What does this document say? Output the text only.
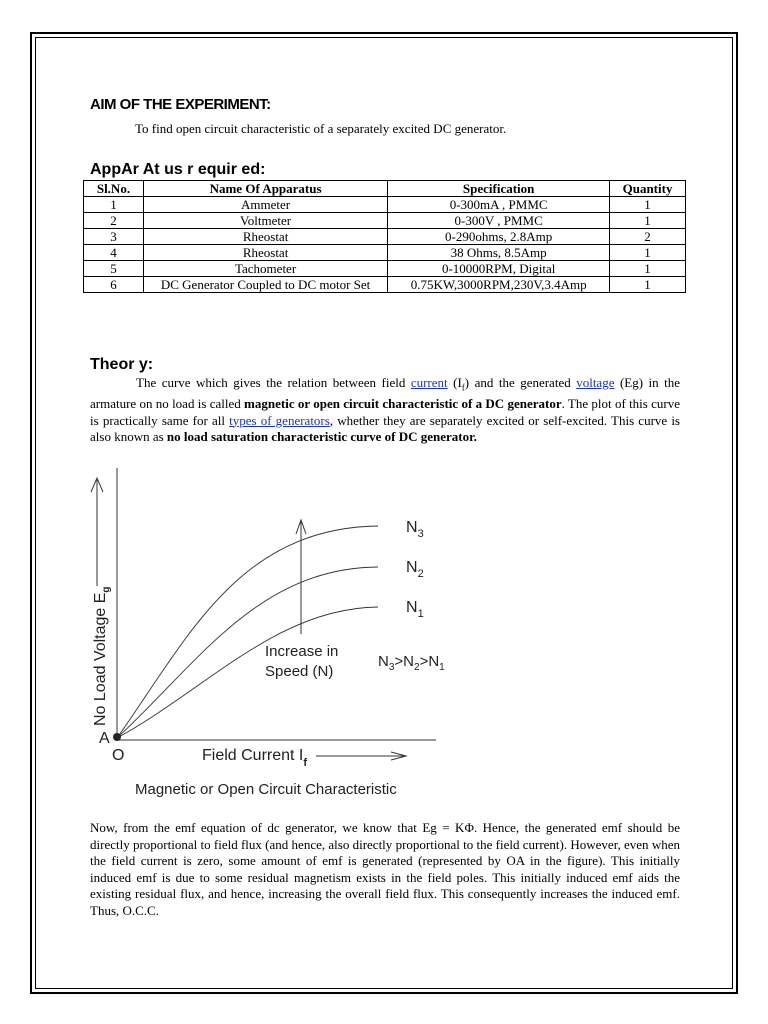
AIM OF THE EXPERIMENT:
To find open circuit characteristic of a separately excited DC generator.
AppAr At us r equir ed:
Sl.No.	Name Of Apparatus	Specification	Quantity
1	Ammeter	0-300mA , PMMC	1
2	Voltmeter	0-300V , PMMC	1
3	Rheostat	0-290ohms, 2.8Amp	2
4	Rheostat	38 Ohms, 8.5Amp	1
5	Tachometer	0-10000RPM, Digital	1
6	DC Generator Coupled to DC motor Set	0.75KW,3000RPM,230V,3.4Amp	1
Theor y:
The curve which gives the relation between field current $(I_f)$ and the generated voltage (Eg) in the armature on no load is called magnetic or open circuit characteristic of a DC generator. The plot of this curve is practically same for all types of generators, whether they are separately excited or self-excited. This curve is also known as no load saturation characteristic curve of DC generator.
No Load Voltage $E_g$
$N_3$
$N_2$
$N_1$
Increase in
Speed (N)
$N_3>N_2>N_1$
A
O	Field Current $I_f$
Magnetic or Open Circuit Characteristic
Now, from the emf equation of dc generator, we know that Eg = KΦ. Hence, the generated emf should be directly proportional to field flux (and hence, also directly proportional to the field current). However, even when the field current is zero, some amount of emf is generated (represented by OA in the figure). This initially induced emf is due to some residual magnetism exists in the field poles. This initially induced emf aids the existing residual flux, and hence, increasing the overall field flux. This consequently increases the induced emf. Thus, O.C.C.
